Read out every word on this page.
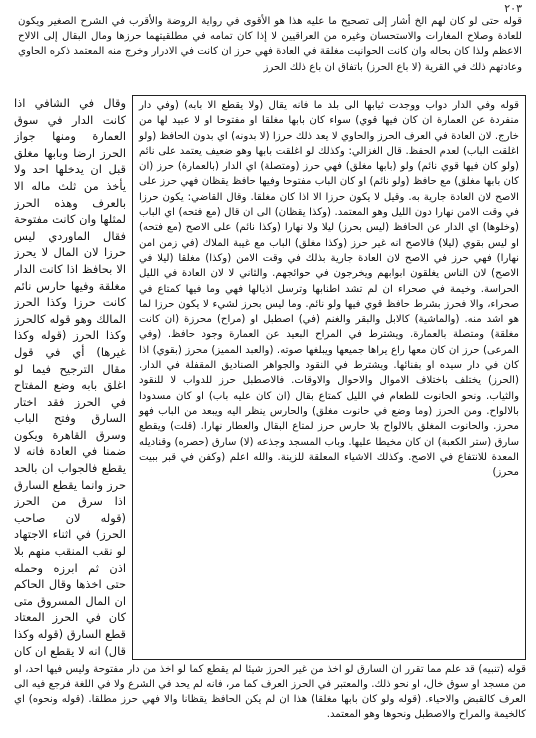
٢٠٣

قوله حتى لو كان لهم الخ أشار إلى تصحيح ما عليه هذا هو الأقوى في رواية الروضة والأقرب في الشرح الصغير ويكون للعادة وصلاح المغارات والاستحسان وغيره من العراقيين لا إذا كان تمامه في مطلقيتهما حرزها ومال البقال إلى الالاح الاعظم ولذا كان بحاله وان كانت الحوانيت مغلقة في العادة فهي حرز ان كانت في الادرار وخرج منه المعتمد ذكره الحاوي وعادتهم ذلك في القرية (لا باع الحرز) باتفاق ان باع ذلك الحرز

وقال في الشافي اذا كانت الدار في سوق العمارة ومنها جواز الحرز ارضا وبابها مغلق قبل ان يدخلها احد ولا يأخذ من ثلث ماله الا بالعرف وهذه الحرز لمثلها وان كانت مفتوحة فقال الماوردي ليس حرزا لان المال لا يحرز الا بحافظ اذا كانت الدار مغلقة وفيها حارس نائم كانت حرزا وكذا الحرز المالك وهو قوله كالحرز وكذا الحرز (قوله وكذا غيرها) أي في قول مقال الترجيح فيما لو اغلق بابه وضع المفتاح في الحرز فقد اختار السارق وفتح الباب وسرق القاهرة ويكون ضمنا في العادة فانه لا يقطع فالجواب ان بالحد حرز وانما يقطع السارق اذا سرق من الحرز (قوله لان صاحب الحرز) في اثناء الاجتهاد لو نقب المنقب منهم بلا اذن ثم ابرزه وحمله حتى اخذها وقال الحاكم ان المال المسروق متى كان في الحرز المعتاد قطع السارق (قوله وكذا قال) انه لا يقطع ان كان

قوله وفي الدار دواب ووجدت ثيابها الى بلد ما فانه يقال (ولا يقطع الا بابه) (وفي دار منفردة عن العمارة ان كان فيها قوي) سواء كان بابها مغلقا او مفتوحا او لا عبيد لها من خارج. لان العادة في العرف الحرز والحاوي لا يعد ذلك حرزا (لا بدونه) اي بدون الحافظ (ولو اغلقت الباب) لعدم الحفظ. قال الغزالي: وكذلك لو اغلقت بابها وهو ضعيف يعتمد على نائم (ولو كان فيها قوي نائم) ولو (بابها مغلق) فهي حرز (ومتصلة) اي الدار (بالعمارة) حرز (ان كان بابها مغلق) مع حافظ (ولو نائم) او كان الباب مفتوحا وفيها حافظ يقظان فهي حرز على الاصح لان العادة جارية به. وقيل لا يكون حرزا الا اذا كان مغلقا. وقال القاضي: يكون حرزا في وقت الامن نهارا دون الليل وهو المعتمد. (وكذا يقظان) الى ان قال (مع فتحه) اي الباب (وخلوها) اي الدار عن الحافظ (ليس بحرز) ليلا ولا نهارا (وكذا نائم) على الاصح (مع فتحه) او ليس بقوي (ليلا) فالاصح انه غير حرز (وكذا مغلق) الباب مع غيبة الملاك (في زمن امن نهارا) فهي حرز في الاصح لان العادة جارية بذلك في وقت الامن (وكذا) مغلقا (ليلا في الاصح) لان الناس يغلقون ابوابهم ويخرجون في حوائجهم. والثاني لا لان العادة في الليل الحراسة. وخيمة في صحراء ان لم تشد اطنابها وترسل اذيالها فهي وما فيها كمتاع في صحراء، والا فحرز بشرط حافظ قوي فيها ولو نائم. وما ليس بحرز لشيء لا يكون حرزا لما هو اشد منه. (والماشية) كالابل والبقر والغنم (في) اصطبل او (مراح) محرزة (ان كانت مغلقة) ومتصلة بالعمارة. ويشترط في المراح البعيد عن العمارة وجود حافظ. (وفي المرعى) حرز ان كان معها راع يراها جميعها ويبلغها صوته. (والعبد المميز) محرز (بقوي) اذا كان في دار سيده او بفنائها. ويشترط في النقود والجواهر الصناديق المقفلة في الدار. (الحرز) يختلف باختلاف الاموال والاحوال والاوقات. فالاصطبل حرز للدواب لا للنقود والثياب. ونحو الحانوت للطعام في الليل كمتاع بقال (ان كان عليه باب) او كان مسدودا بالالواح. ومن الحرز (وما وضع في حانوت مغلق) والحارس ينظر اليه ويبعد من الباب فهو محرز. والحانوت المغلق بالالواح بلا حارس حرز لمتاع البقال والعطار نهارا. (قلت) ويقطع سارق (ستر الكعبة) ان كان مخيطا عليها. وباب المسجد وجذعه (لا) سارق (حصره) وقناديله المعدة للانتفاع في الاصح. وكذلك الاشياء المعلقة للزينة. والله اعلم (وكفن في قبر ببيت محرز)

قوله (تنبيه) قد علم مما تقرر ان السارق لو اخذ من غير الحرز شيئا لم يقطع كما لو اخذ من دار مفتوحة وليس فيها احد، او من مسجد او سوق خال، او نحو ذلك. والمعتبر في الحرز العرف كما مر، فانه لم يحد في الشرع ولا في اللغة فرجع فيه الى العرف كالقبض والاحياء. (قوله ولو كان بابها مغلقا) هذا ان لم يكن الحافظ يقظانا والا فهي حرز مطلقا. (قوله ونحوه) اي كالخيمة والمراح والاصطبل ونحوها وهو المعتمد.
